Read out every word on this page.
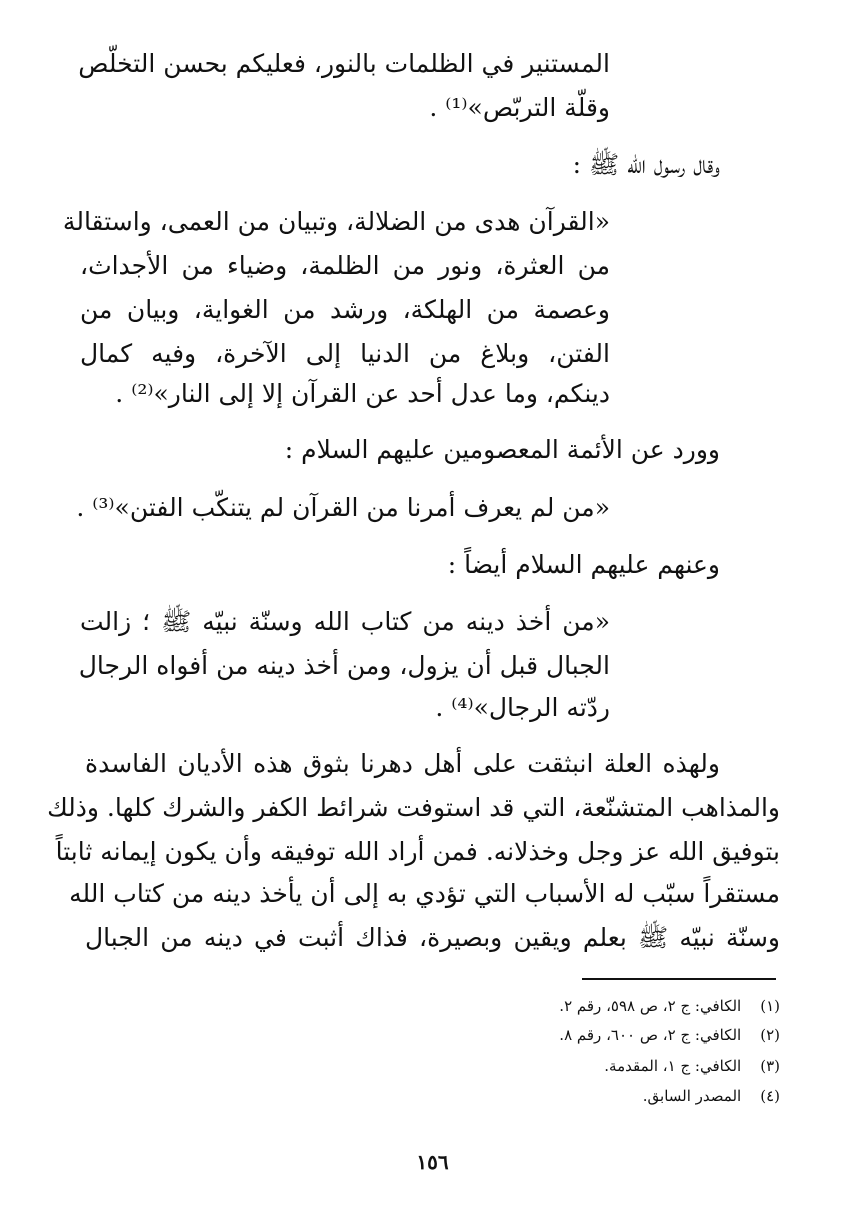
المستنير في الظلمات بالنور، فعليكم بحسن التخلّص
وقلّة التربّص»⁽¹⁾ .
وقال رسول الله ﷺ :
«القرآن هدى من الضلالة، وتبيان من العمى، واستقالة
من العثرة، ونور من الظلمة، وضياء من الأجداث،
وعصمة من الهلكة، ورشد من الغواية، وبيان من
الفتن، وبلاغ من الدنيا إلى الآخرة، وفيه كمال
دينكم، وما عدل أحد عن القرآن إلا إلى النار»⁽²⁾ .
وورد عن الأئمة المعصومين عليهم السلام :
«من لم يعرف أمرنا من القرآن لم يتنكّب الفتن»⁽³⁾ .
وعنهم عليهم السلام أيضاً :
«من أخذ دينه من كتاب الله وسنّة نبيّه ﷺ ؛ زالت
الجبال قبل أن يزول، ومن أخذ دينه من أفواه الرجال
ردّته الرجال»⁽⁴⁾ .
ولهذه العلة انبثقت على أهل دهرنا بثوق هذه الأديان الفاسدة
والمذاهب المتشنّعة، التي قد استوفت شرائط الكفر والشرك كلها. وذلك
بتوفيق الله عز وجل وخذلانه. فمن أراد الله توفيقه وأن يكون إيمانه ثابتاً
مستقراً سبّب له الأسباب التي تؤدي به إلى أن يأخذ دينه من كتاب الله
وسنّة نبيّه ﷺ بعلم ويقين وبصيرة، فذاك أثبت في دينه من الجبال
(١) الكافي: ج ٢، ص ٥٩٨، رقم ٢.
(٢) الكافي: ج ٢، ص ٦٠٠، رقم ٨.
(٣) الكافي: ج ١، المقدمة.
(٤) المصدر السابق.
١٥٦
